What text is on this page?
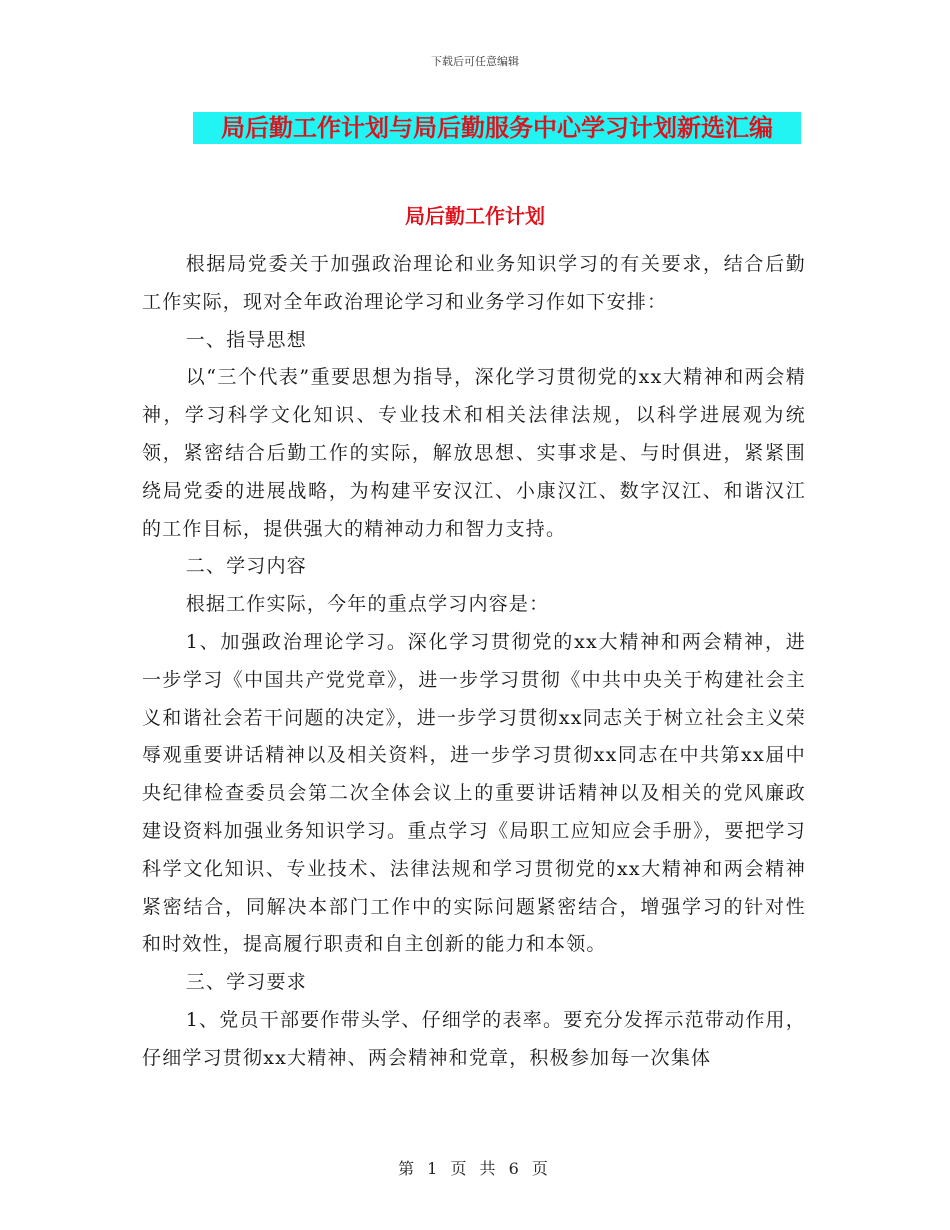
下载后可任意编辑
局后勤工作计划与局后勤服务中心学习计划新选汇编
局后勤工作计划

根据局党委关于加强政治理论和业务知识学习的有关要求，结合后勤工作实际，现对全年政治理论学习和业务学习作如下安排：

一、指导思想

以“三个代表”重要思想为指导，深化学习贯彻党的xx大精神和两会精神，学习科学文化知识、专业技术和相关法律法规，以科学进展观为统领，紧密结合后勤工作的实际，解放思想、实事求是、与时俱进，紧紧围绕局党委的进展战略，为构建平安汉江、小康汉江、数字汉江、和谐汉江的工作目标，提供强大的精神动力和智力支持。

二、学习内容

根据工作实际，今年的重点学习内容是：

1、加强政治理论学习。深化学习贯彻党的xx大精神和两会精神，进一步学习《中国共产党党章》，进一步学习贯彻《中共中央关于构建社会主义和谐社会若干问题的决定》，进一步学习贯彻xx同志关于树立社会主义荣辱观重要讲话精神以及相关资料，进一步学习贯彻xx同志在中共第xx届中央纪律检查委员会第二次全体会议上的重要讲话精神以及相关的党风廉政建设资料加强业务知识学习。重点学习《局职工应知应会手册》，要把学习科学文化知识、专业技术、法律法规和学习贯彻党的xx大精神和两会精神紧密结合，同解决本部门工作中的实际问题紧密结合，增强学习的针对性和时效性，提高履行职责和自主创新的能力和本领。

三、学习要求

1、党员干部要作带头学、仔细学的表率。要充分发挥示范带动作用，仔细学习贯彻xx大精神、两会精神和党章，积极参加每一次集体

第 1 页 共 6 页
